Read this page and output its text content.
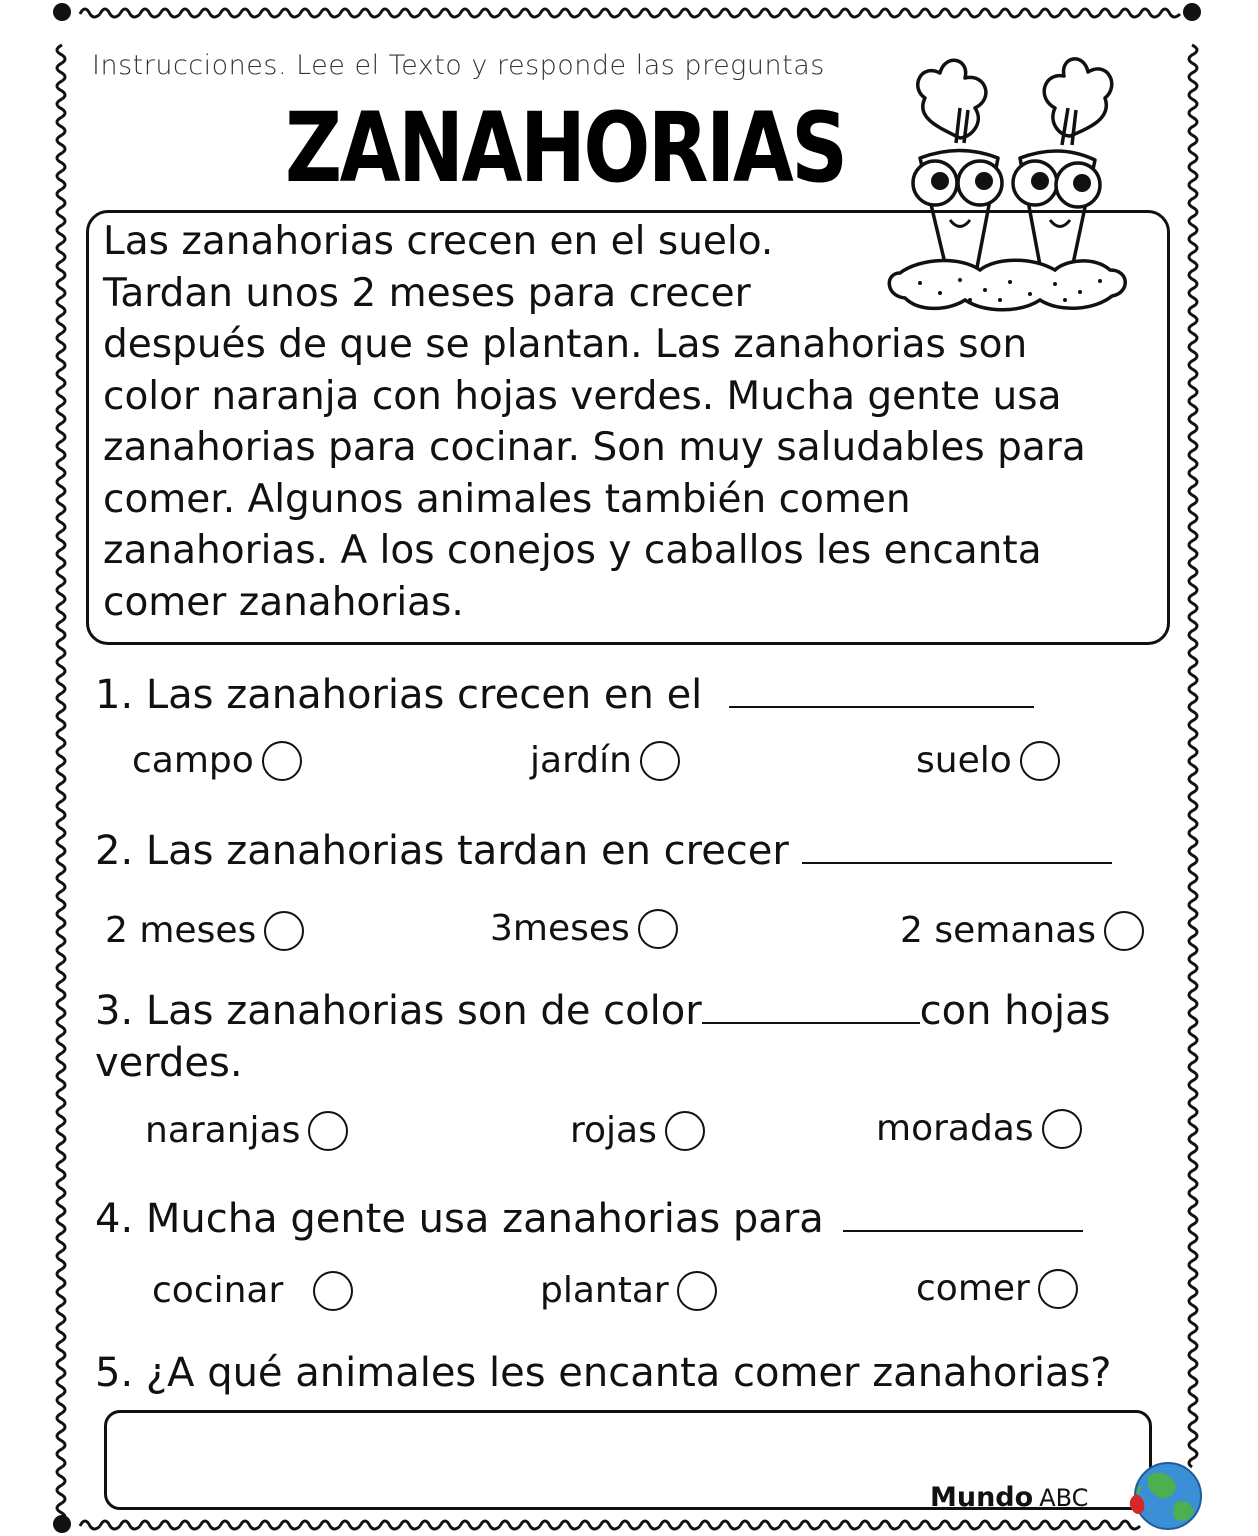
Instrucciones. Lee el Texto y responde las preguntas
ZANAHORIAS
Las zanahorias crecen en el suelo.
Tardan unos 2 meses para crecer
después de que se plantan. Las zanahorias son
color naranja con hojas verdes. Mucha gente usa
zanahorias para cocinar. Son muy saludables para
comer. Algunos animales también comen
zanahorias. A los conejos y caballos les encanta
comer zanahorias.
1. Las zanahorias crecen en el
campo	jardín	suelo
2. Las zanahorias tardan en crecer
2 meses	3meses	2 semanas
3. Las zanahorias son de color	con hojas
verdes.
naranjas	rojas	moradas
4. Mucha gente usa zanahorias para
cocinar	plantar	comer
5. ¿A qué animales les encanta comer zanahorias?
Mundo ABC
